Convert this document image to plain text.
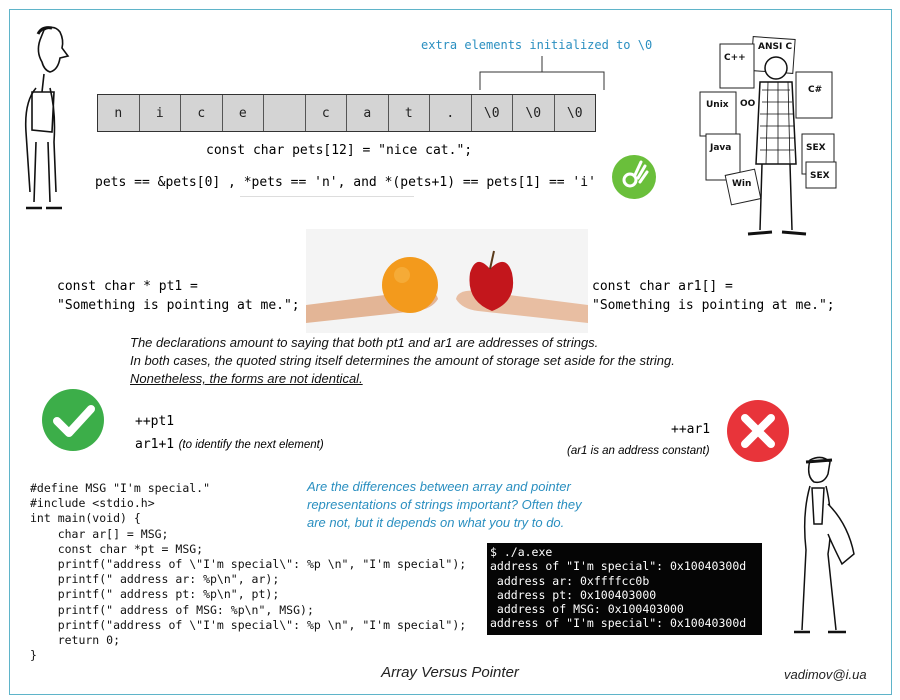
extra elements initialized to \0
n	i	c	e	c	a	t	.	\0	\0	\0
const char pets[12] = "nice cat.";
pets == &pets[0] , *pets == 'n', and *(pets+1) == pets[1] == 'i'
ANSI C
C++
C#
Unix OO
Java
Win
SEX
SEX
const char * pt1 =
"Something is pointing at me.";
const char ar1[] =
"Something is pointing at me.";
The declarations amount to saying that both pt1 and ar1 are addresses of strings.
In both cases, the quoted string itself determines the amount of storage set aside for the string.
Nonetheless, the forms are not identical.
++pt1
ar1+1 (to identify the next element)
++ar1
(ar1 is an address constant)
Are the differences between array and pointer
representations of strings important? Often they
are not, but it depends on what you try to do.
#define MSG "I'm special."
#include <stdio.h>
int main(void) {
char ar[] = MSG;
const char *pt = MSG;
printf("address of \"I'm special\": %p \n", "I'm special");
printf(" address ar: %p\n", ar);
printf(" address pt: %p\n", pt);
printf(" address of MSG: %p\n", MSG);
printf("address of \"I'm special\": %p \n", "I'm special");
return 0;
}
$ ./a.exe
address of "I'm special": 0x10040300d
address ar: 0xffffcc0b
address pt: 0x100403000
address of MSG: 0x100403000
address of "I'm special": 0x10040300d
Array Versus Pointer	vadimov@i.ua
